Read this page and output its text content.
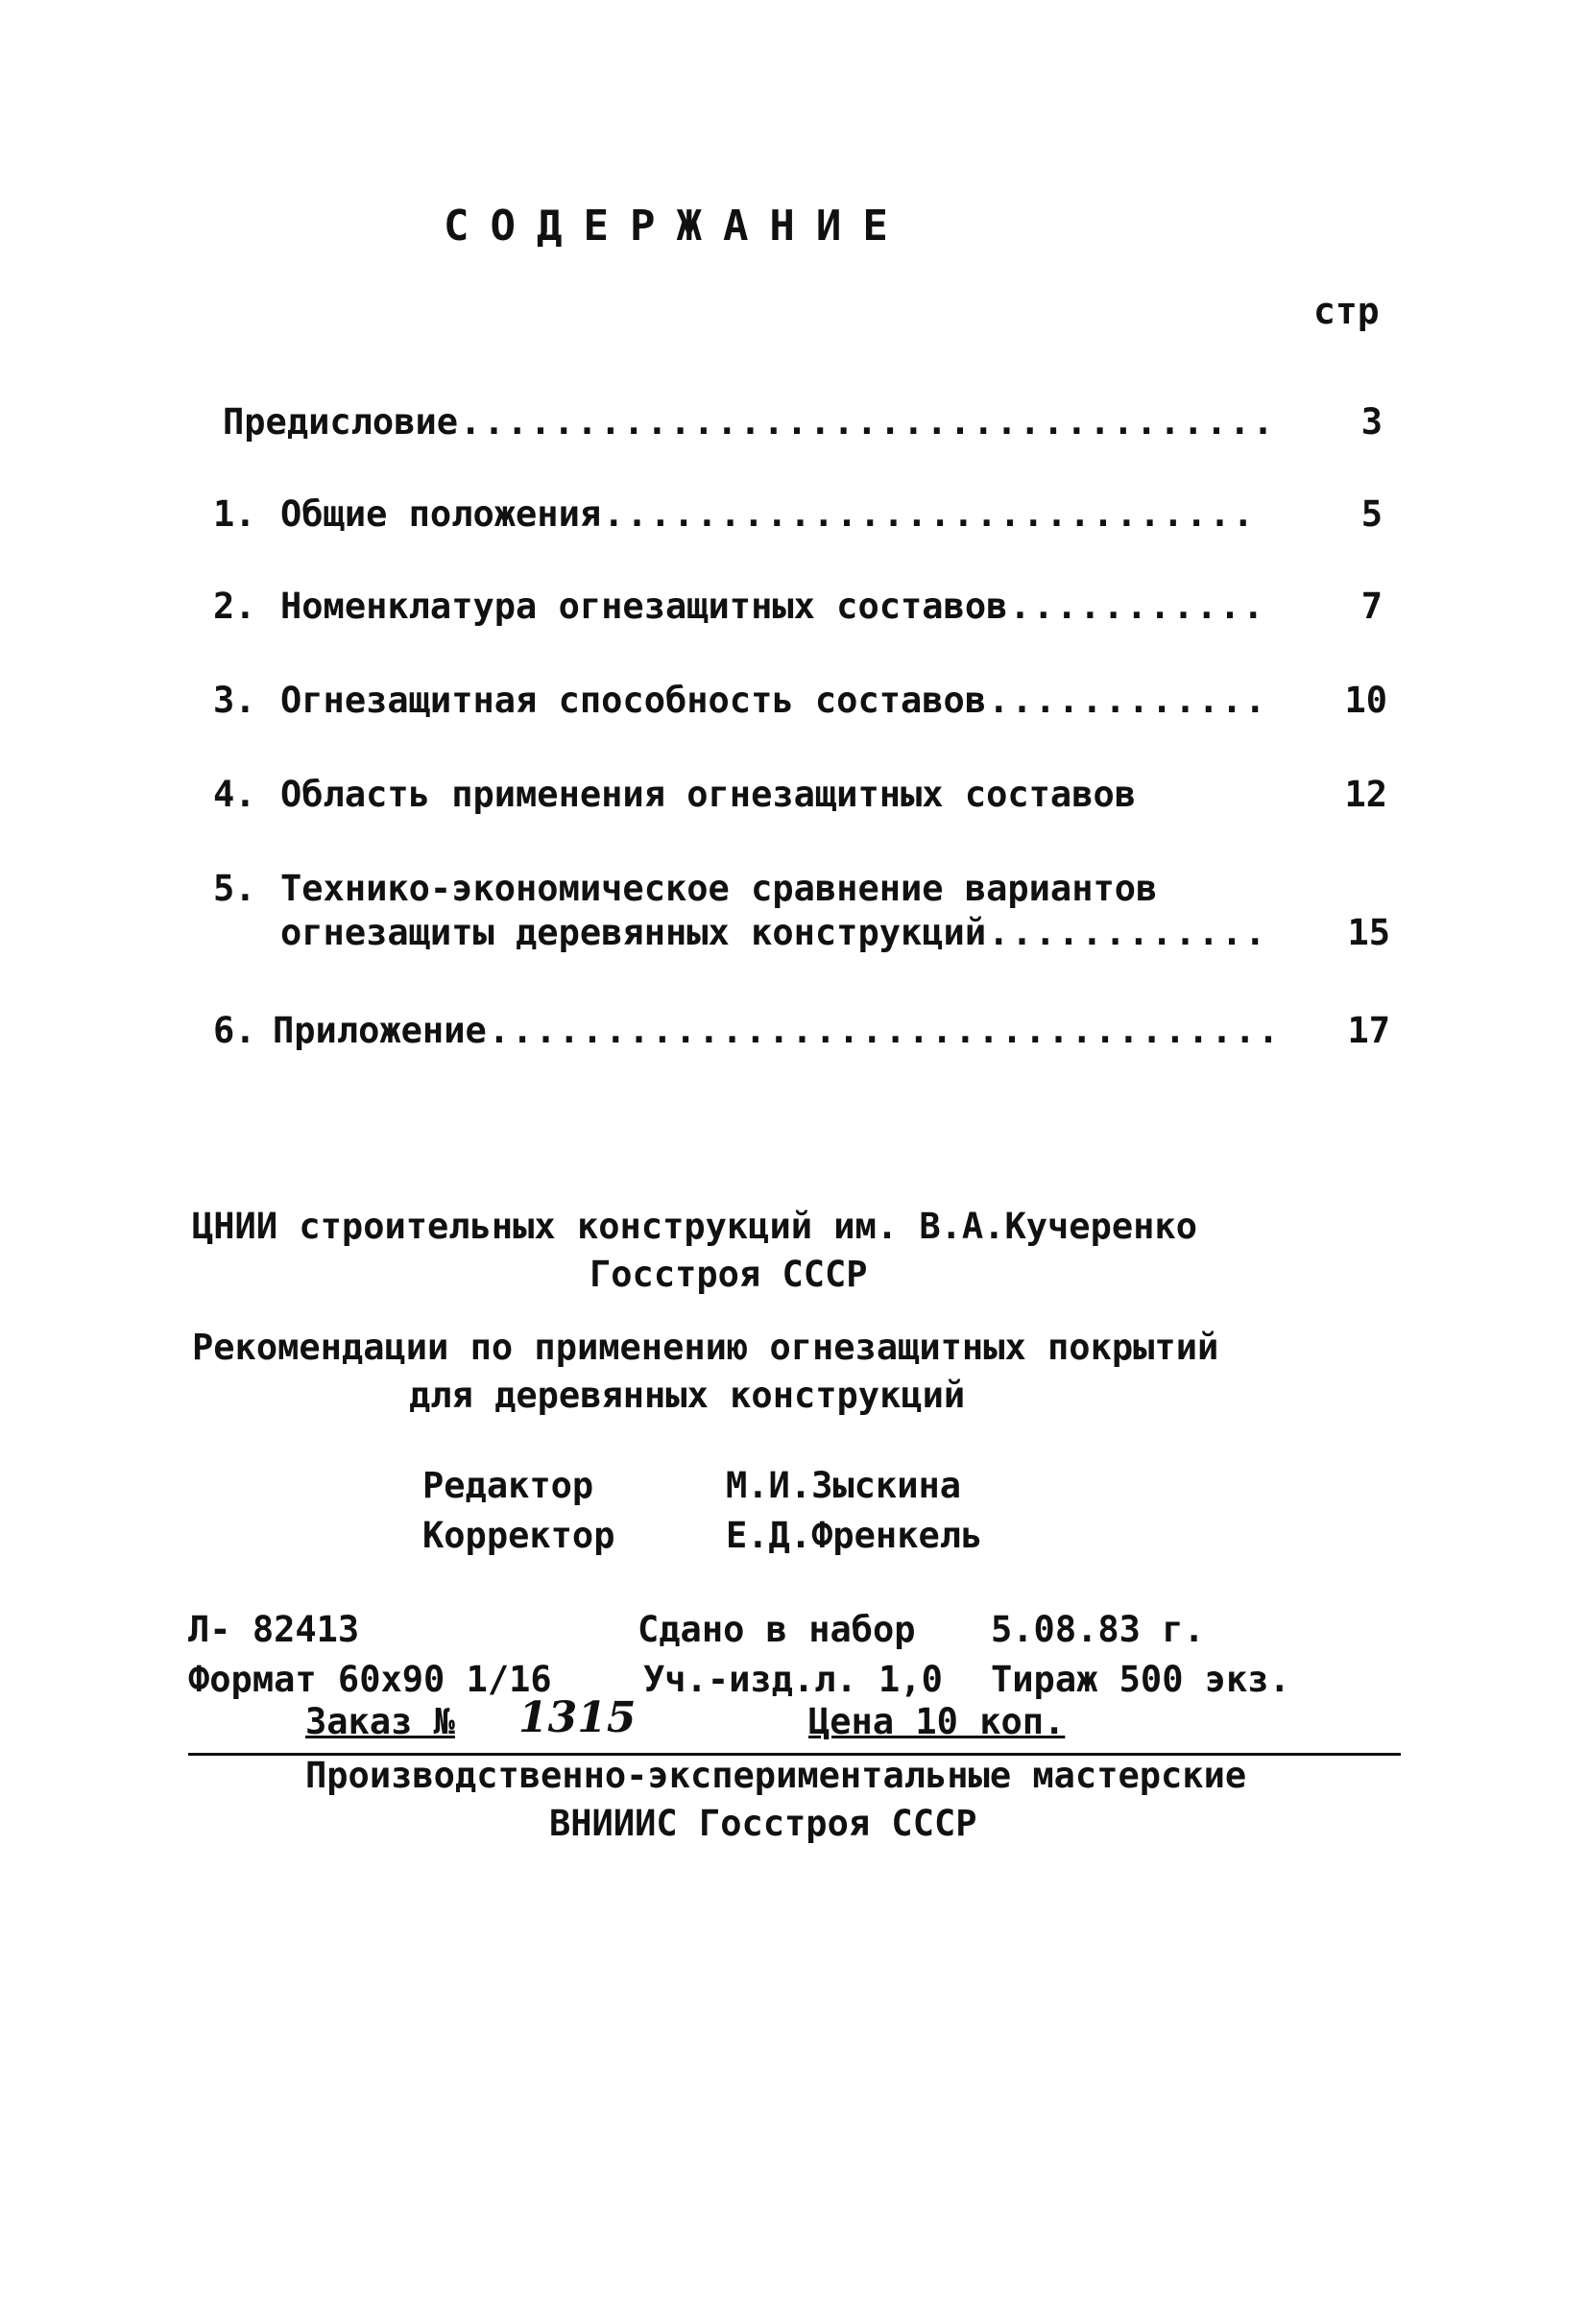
СОДЕРЖАНИЕ
стр
Предисловие .....	3
1. Общие положения .....	5
2. Номенклатура огнезащитных составов .....	7
3. Огнезащитная способность составов .....	10
4. Область применения огнезащитных составов	12
5. Технико-экономическое сравнение вариантов
огнезащиты деревянных конструкций .....	15
6. Приложение .....	17
ЦНИИ строительных конструкций им. В.А.Кучеренко
Госстроя СССР
Рекомендации по применению огнезащитных покрытий
для деревянных конструкций
Редактор	М.И.Зыскина
Корректор	Е.Д.Френкель
Л- 82413	Сдано в набор 5.08.83 г.
Формат 60х90 1/16	Уч.-изд.л. 1,0 Тираж 500 экз.
Заказ № 1315	Цена 10 коп.
Производственно-экспериментальные мастерские
ВНИИИС Госстроя СССР
